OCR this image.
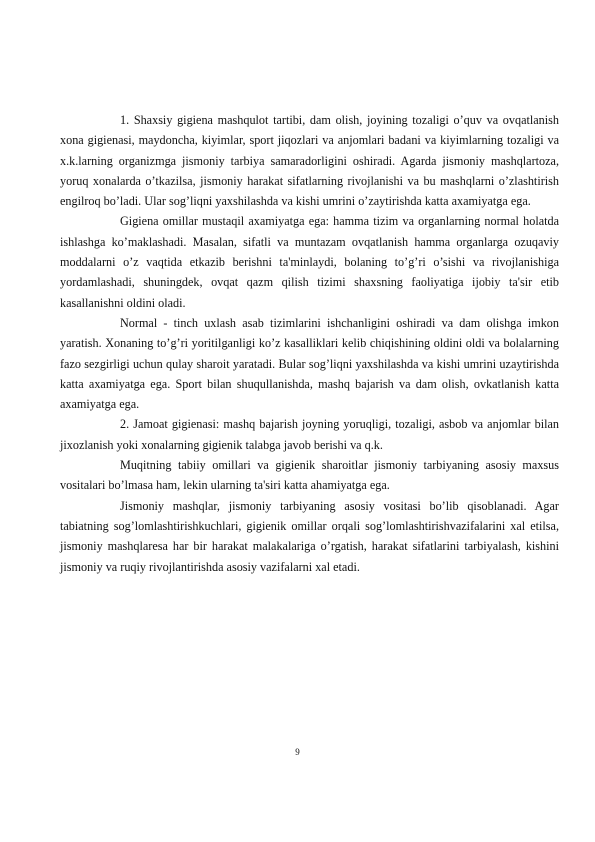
1. Shaxsiy gigiena mashqulot tartibi, dam olish, joyining tozaligi o’quv va ovqatlanish xona gigienasi, maydoncha, kiyimlar, sport jiqozlari va anjomlari badani va kiyimlarning tozaligi va x.k.larning organizmga jismoniy tarbiya samaradorligini oshiradi. Agarda jismoniy mashqlartoza, yoruq xonalarda o’tkazilsa, jismoniy harakat sifatlarning rivojlanishi va bu mashqlarni o’zlashtirish engilroq bo’ladi. Ular sog’liqni yaxshilashda va kishi umrini o’zaytirishda katta axamiyatga ega.

Gigiena omillar mustaqil axamiyatga ega: hamma tizim va organlarning normal holatda ishlashga ko’maklashadi. Masalan, sifatli va muntazam ovqatlanish hamma organlarga ozuqaviy moddalarni o’z vaqtida etkazib berishni ta'minlaydi, bolaning to’g’ri o’sishi va rivojlanishiga yordamlashadi, shuningdek, ovqat qazm qilish tizimi shaxsning faoliyatiga ijobiy ta'sir etib kasallanishni oldini oladi.

Normal - tinch uxlash asab tizimlarini ishchanligini oshiradi va dam olishga imkon yaratish. Xonaning to’g’ri yoritilganligi ko’z kasalliklari kelib chiqishining oldini oldi va bolalarning fazo sezgirligi uchun qulay sharoit yaratadi. Bular sog’liqni yaxshilashda va kishi umrini uzaytirishda katta axamiyatga ega. Sport bilan shuqullanishda, mashq bajarish va dam olish, ovkatlanish katta axamiyatga ega.

2. Jamoat gigienasi: mashq bajarish joyning yoruqligi, tozaligi, asbob va anjomlar bilan jixozlanish yoki xonalarning gigienik talabga javob berishi va q.k.

Muqitning tabiiy omillari va gigienik sharoitlar jismoniy tarbiyaning asosiy maxsus vositalari bo’lmasa ham, lekin ularning ta'siri katta ahamiyatga ega.

Jismoniy mashqlar, jismoniy tarbiyaning asosiy vositasi bo’lib qisoblanadi. Agar tabiatning sog’lomlashtirishkuchlari, gigienik omillar orqali sog’lomlashtirishvazifalarini xal etilsa, jismoniy mashqlaresa har bir harakat malakalariga o’rgatish, harakat sifatlarini tarbiyalash, kishini jismoniy va ruqiy rivojlantirishda asosiy vazifalarni xal etadi.

9
